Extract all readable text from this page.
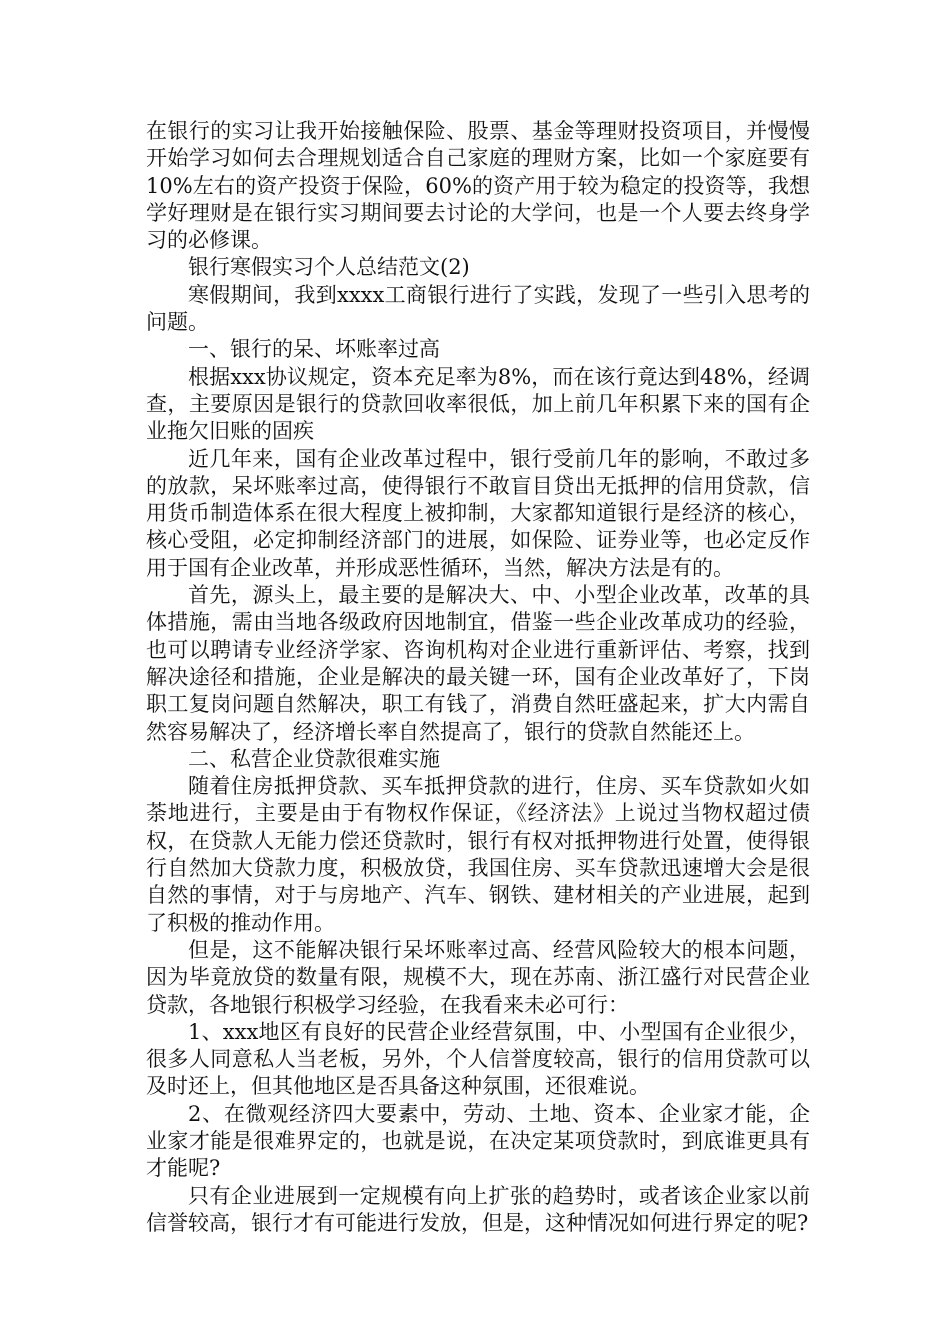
在银行的实习让我开始接触保险、股票、基金等理财投资项目，并慢慢开始学习如何去合理规划适合自己家庭的理财方案，比如一个家庭要有10%左右的资产投资于保险，60%的资产用于较为稳定的投资等，我想学好理财是在银行实习期间要去讨论的大学问，也是一个人要去终身学习的必修课。

银行寒假实习个人总结范文(2)

寒假期间，我到xxxx工商银行进行了实践，发现了一些引入思考的问题。

一、银行的呆、坏账率过高

根据xxx协议规定，资本充足率为8%，而在该行竟达到48%，经调查，主要原因是银行的贷款回收率很低，加上前几年积累下来的国有企业拖欠旧账的固疾

近几年来，国有企业改革过程中，银行受前几年的影响，不敢过多的放款，呆坏账率过高，使得银行不敢盲目贷出无抵押的信用贷款，信用货币制造体系在很大程度上被抑制，大家都知道银行是经济的核心，核心受阻，必定抑制经济部门的进展，如保险、证券业等，也必定反作用于国有企业改革，并形成恶性循环，当然，解决方法是有的。

首先，源头上，最主要的是解决大、中、小型企业改革，改革的具体措施，需由当地各级政府因地制宜，借鉴一些企业改革成功的经验，也可以聘请专业经济学家、咨询机构对企业进行重新评估、考察，找到解决途径和措施，企业是解决的最关键一环，国有企业改革好了，下岗职工复岗问题自然解决，职工有钱了，消费自然旺盛起来，扩大内需自然容易解决了，经济增长率自然提高了，银行的贷款自然能还上。

二、私营企业贷款很难实施

随着住房抵押贷款、买车抵押贷款的进行，住房、买车贷款如火如荼地进行，主要是由于有物权作保证，《经济法》上说过当物权超过债权，在贷款人无能力偿还贷款时，银行有权对抵押物进行处置，使得银行自然加大贷款力度，积极放贷，我国住房、买车贷款迅速增大会是很自然的事情，对于与房地产、汽车、钢铁、建材相关的产业进展，起到了积极的推动作用。

但是，这不能解决银行呆坏账率过高、经营风险较大的根本问题，因为毕竟放贷的数量有限，规模不大，现在苏南、浙江盛行对民营企业贷款，各地银行积极学习经验，在我看来未必可行：

1、xxx地区有良好的民营企业经营氛围，中、小型国有企业很少，很多人同意私人当老板，另外，个人信誉度较高，银行的信用贷款可以及时还上，但其他地区是否具备这种氛围，还很难说。

2、在微观经济四大要素中，劳动、土地、资本、企业家才能，企业家才能是很难界定的，也就是说，在决定某项贷款时，到底谁更具有才能呢?

只有企业进展到一定规模有向上扩张的趋势时，或者该企业家以前信誉较高，银行才有可能进行发放，但是，这种情况如何进行界定的呢?
